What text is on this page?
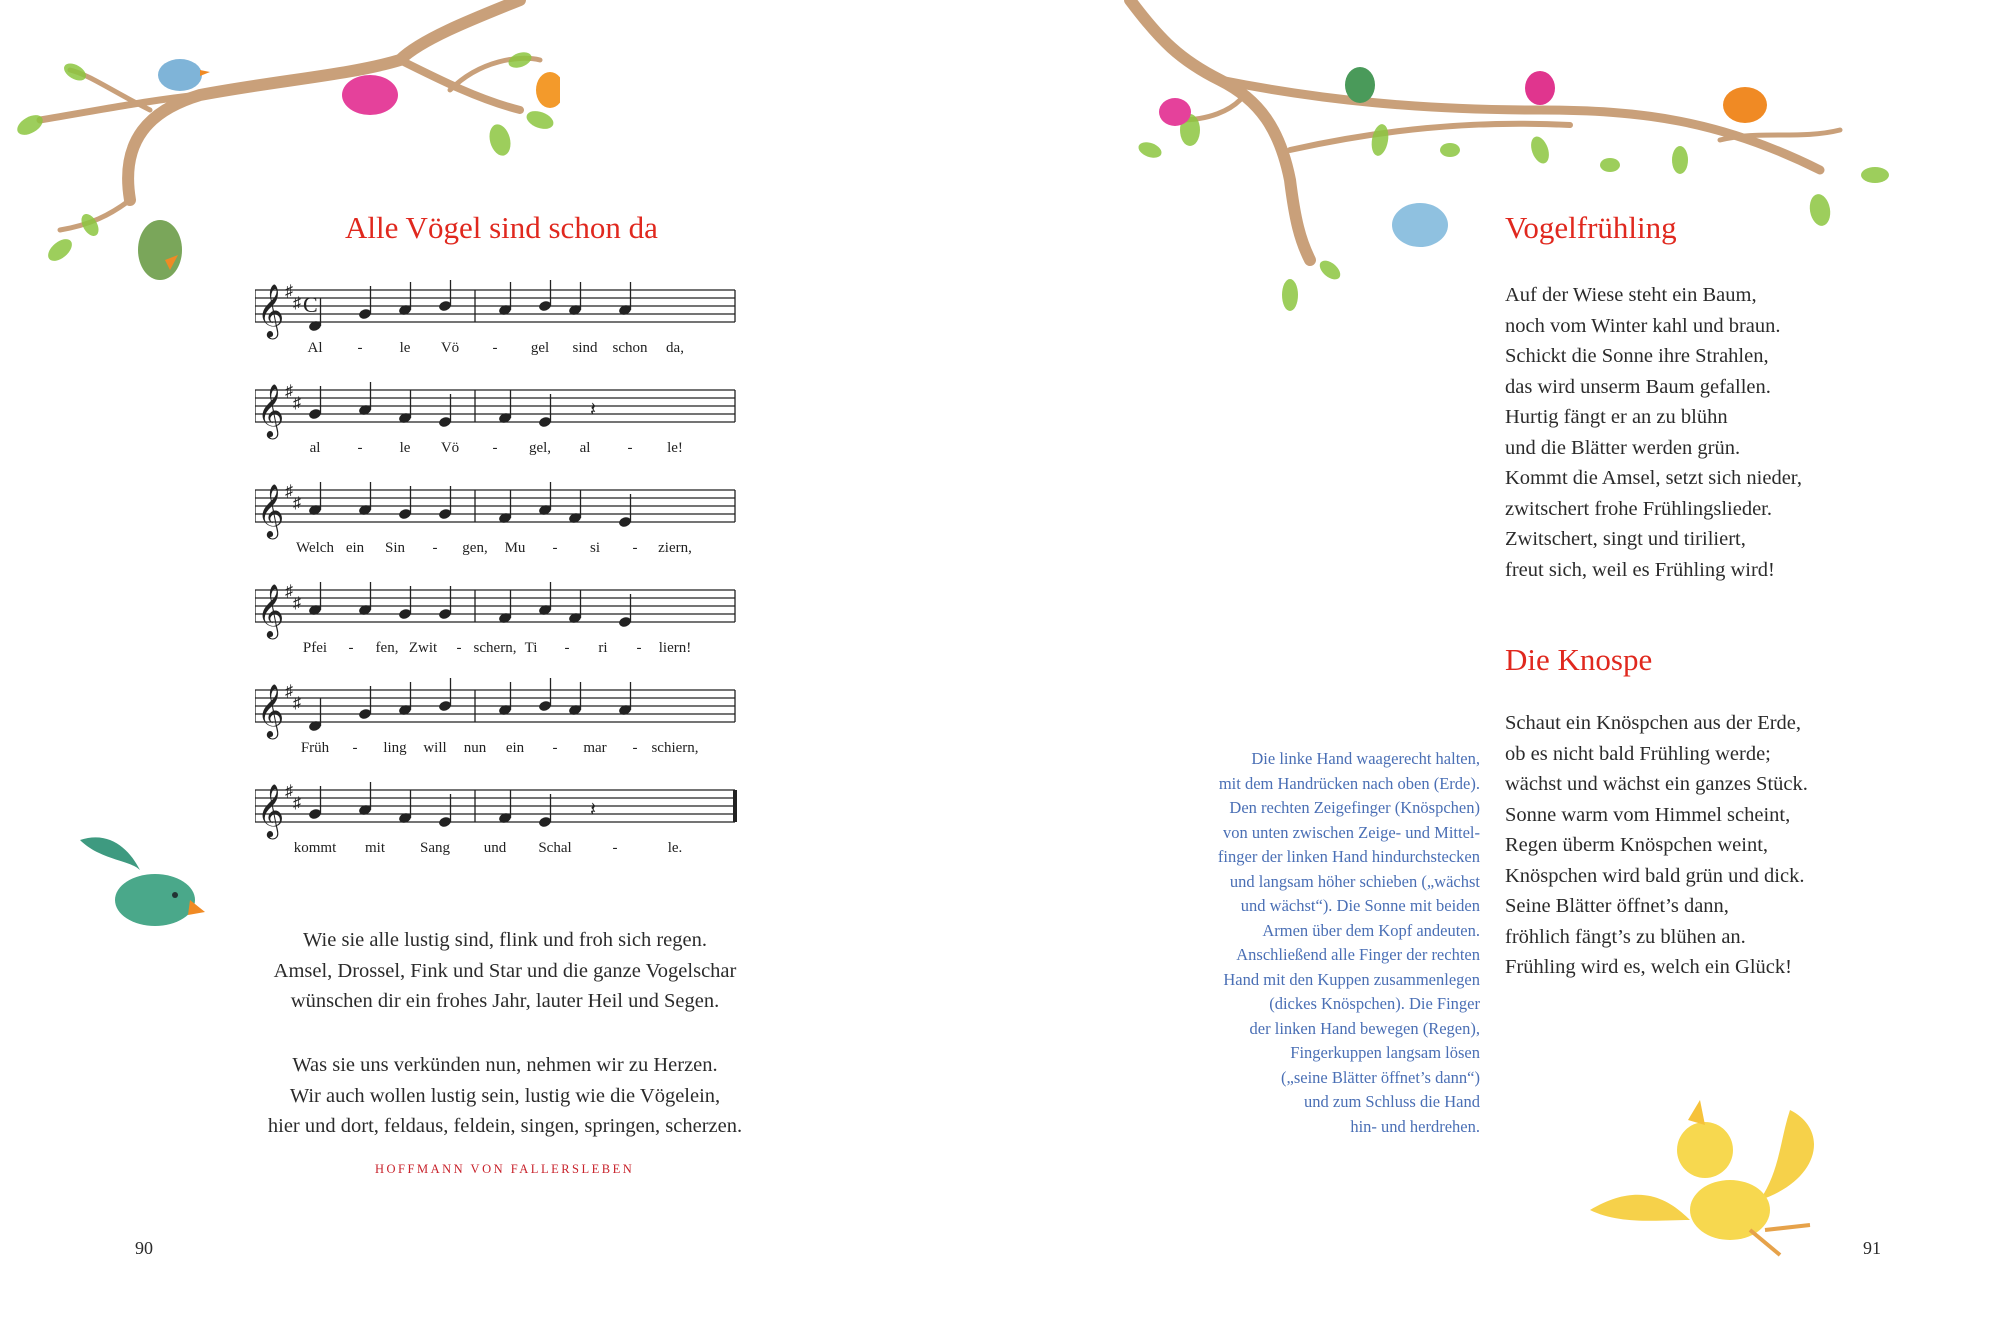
Alle Vögel sind schon da
𝄞 ♯
♯ C
Al - le Vö - gel sind schon da,
𝄞 ♯
♯	𝄽
al - le Vö - gel, al - le!
𝄞 ♯
♯
Welch ein Sin - gen, Mu - si - ziern,
𝄞 ♯
♯
Pfei - fen, Zwit - schern, Ti - ri - liern!
𝄞 ♯
♯
Früh - ling will nun ein - mar - schiern,
𝄞 ♯
♯	𝄽
kommt mit Sang und Schal	-	le.
Wie sie alle lustig sind, flink und froh sich regen.
Amsel, Drossel, Fink und Star und die ganze Vogelschar
wünschen dir ein frohes Jahr, lauter Heil und Segen.
Was sie uns verkünden nun, nehmen wir zu Herzen.
Wir auch wollen lustig sein, lustig wie die Vögelein,
hier und dort, feldaus, feldein, singen, springen, scherzen.
HOFFMANN VON FALLERSLEBEN
90
Vogelfrühling
Auf der Wiese steht ein Baum,
noch vom Winter kahl und braun.
Schickt die Sonne ihre Strahlen,
das wird unserm Baum gefallen.
Hurtig fängt er an zu blühn
und die Blätter werden grün.
Kommt die Amsel, setzt sich nieder,
zwitschert frohe Frühlingslieder.
Zwitschert, singt und tiriliert,
freut sich, weil es Frühling wird!
Die Knospe
Schaut ein Knöspchen aus der Erde,
ob es nicht bald Frühling werde;
wächst und wächst ein ganzes Stück.
Sonne warm vom Himmel scheint,
Regen überm Knöspchen weint,
Knöspchen wird bald grün und dick.
Seine Blätter öffnet’s dann,
fröhlich fängt’s zu blühen an.
Frühling wird es, welch ein Glück!
Die linke Hand waagerecht halten,
mit dem Handrücken nach oben (Erde).
Den rechten Zeigefinger (Knöspchen)
von unten zwischen Zeige- und Mittel-
finger der linken Hand hindurchstecken
und langsam höher schieben („wächst
und wächst“). Die Sonne mit beiden
Armen über dem Kopf andeuten.
Anschließend alle Finger der rechten
Hand mit den Kuppen zusammenlegen
(dickes Knöspchen). Die Finger
der linken Hand bewegen (Regen),
Fingerkuppen langsam lösen
(„seine Blätter öffnet’s dann“)
und zum Schluss die Hand
hin- und herdrehen.
91
